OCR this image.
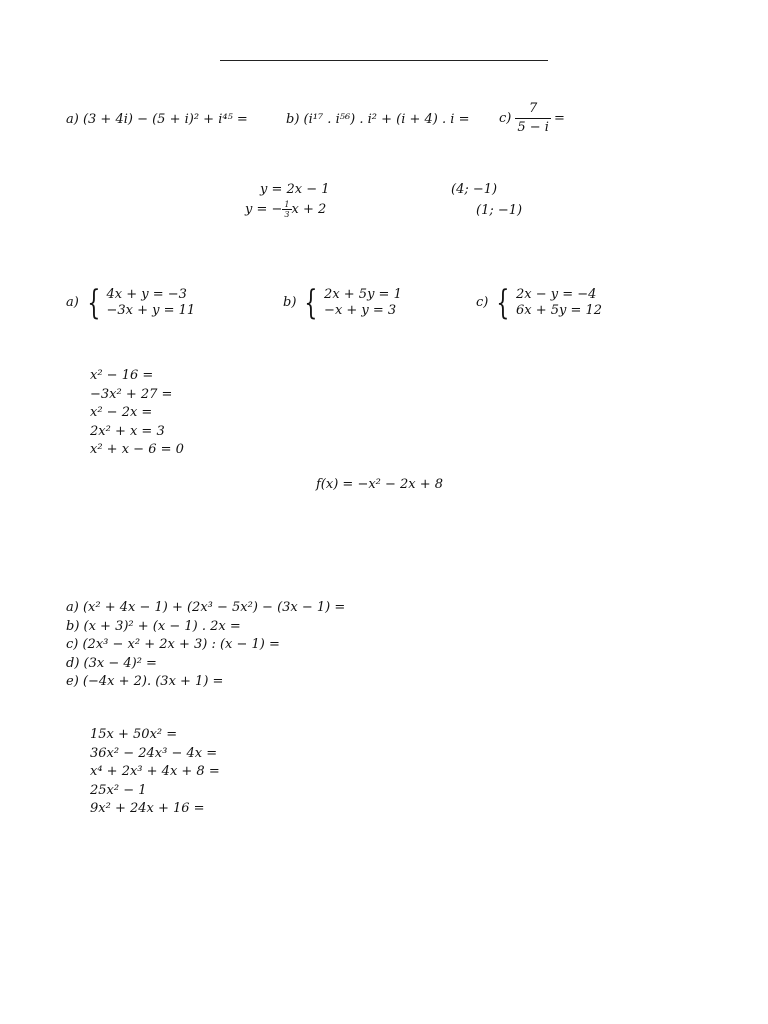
a) (3 + 4i) − (5 + i)² + i⁴⁵ =	b) (i¹⁷ . i⁵⁶) . i² + (i + 4) . $i = c) \frac{7}{5 - i}$ =
y = 2x − 1
y = − $\frac{1}{3}$ x + 2
(4; −1)
(1; −1)
a) { 4x + y = −3
−3x + y = 11
b) { 2x + 5y = 1
−x + y = 3
c) { 2x − y = −4
6x + 5y = 12
x² − 16 =
−3x² + 27 =
x² − 2x =
2x² + x = 3
x² + x − 6 = 0
f(x) = −x² − 2x + 8
a) (x² + 4x − 1) + (2x³ − 5x²) − (3x − 1) =
b) (x + 3)² + (x − 1) . 2x =
c) (2x³ − x² + 2x + 3) : (x − 1) =
d) (3x − 4)² =
e) (−4x + 2). (3x + 1) =
15x + 50x² =
36x² − 24x³ − 4x =
x⁴ + 2x³ + 4x + 8 =
25x² − 1
9x² + 24x + 16 =
